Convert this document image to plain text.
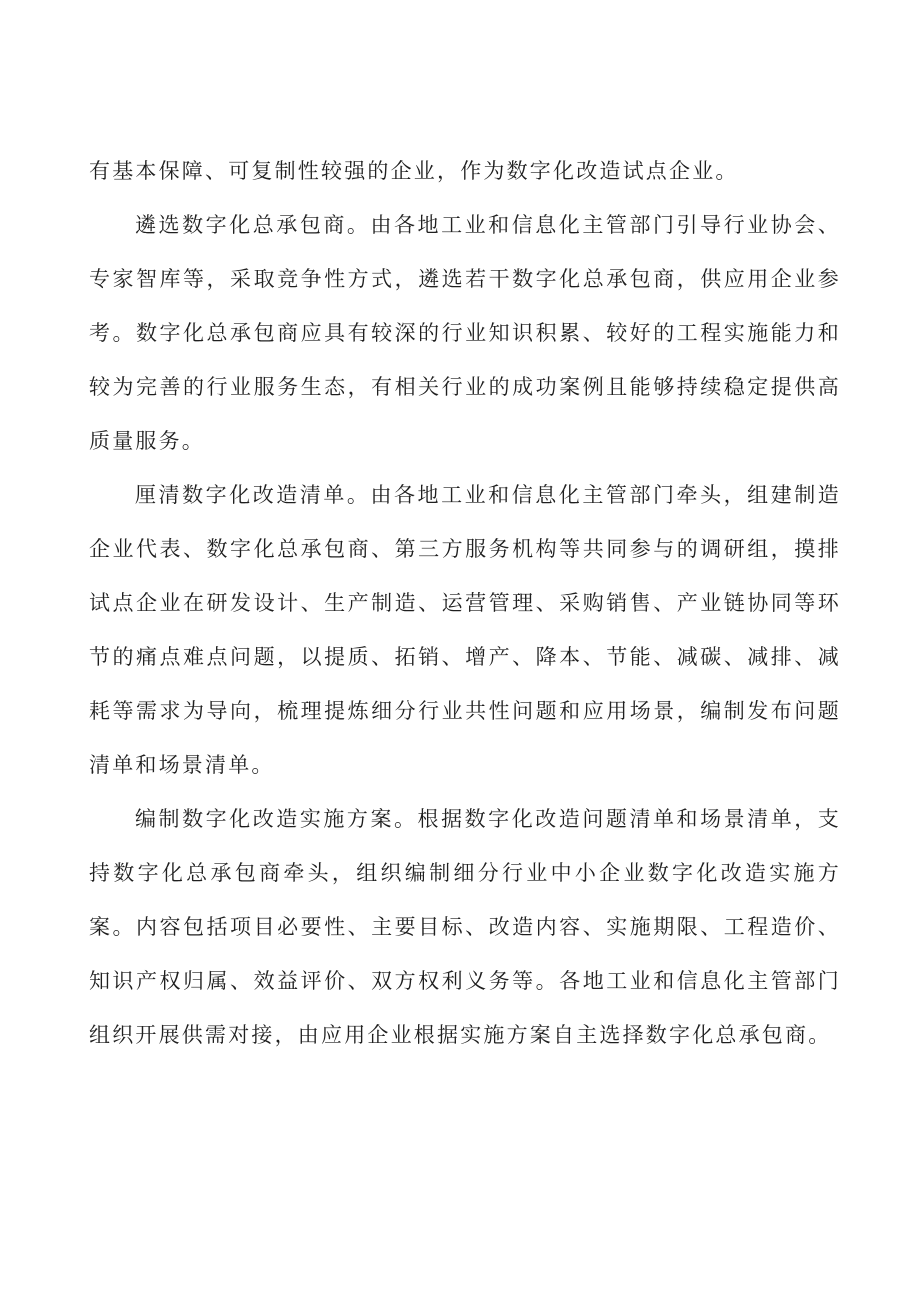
有基本保障、可复制性较强的企业，作为数字化改造试点企业。

遴选数字化总承包商。由各地工业和信息化主管部门引导行业协会、专家智库等，采取竞争性方式，遴选若干数字化总承包商，供应用企业参考。数字化总承包商应具有较深的行业知识积累、较好的工程实施能力和较为完善的行业服务生态，有相关行业的成功案例且能够持续稳定提供高质量服务。

厘清数字化改造清单。由各地工业和信息化主管部门牵头，组建制造企业代表、数字化总承包商、第三方服务机构等共同参与的调研组，摸排试点企业在研发设计、生产制造、运营管理、采购销售、产业链协同等环节的痛点难点问题，以提质、拓销、增产、降本、节能、减碳、减排、减耗等需求为导向，梳理提炼细分行业共性问题和应用场景，编制发布问题清单和场景清单。

编制数字化改造实施方案。根据数字化改造问题清单和场景清单，支持数字化总承包商牵头，组织编制细分行业中小企业数字化改造实施方案。内容包括项目必要性、主要目标、改造内容、实施期限、工程造价、知识产权归属、效益评价、双方权利义务等。各地工业和信息化主管部门组织开展供需对接，由应用企业根据实施方案自主选择数字化总承包商。
